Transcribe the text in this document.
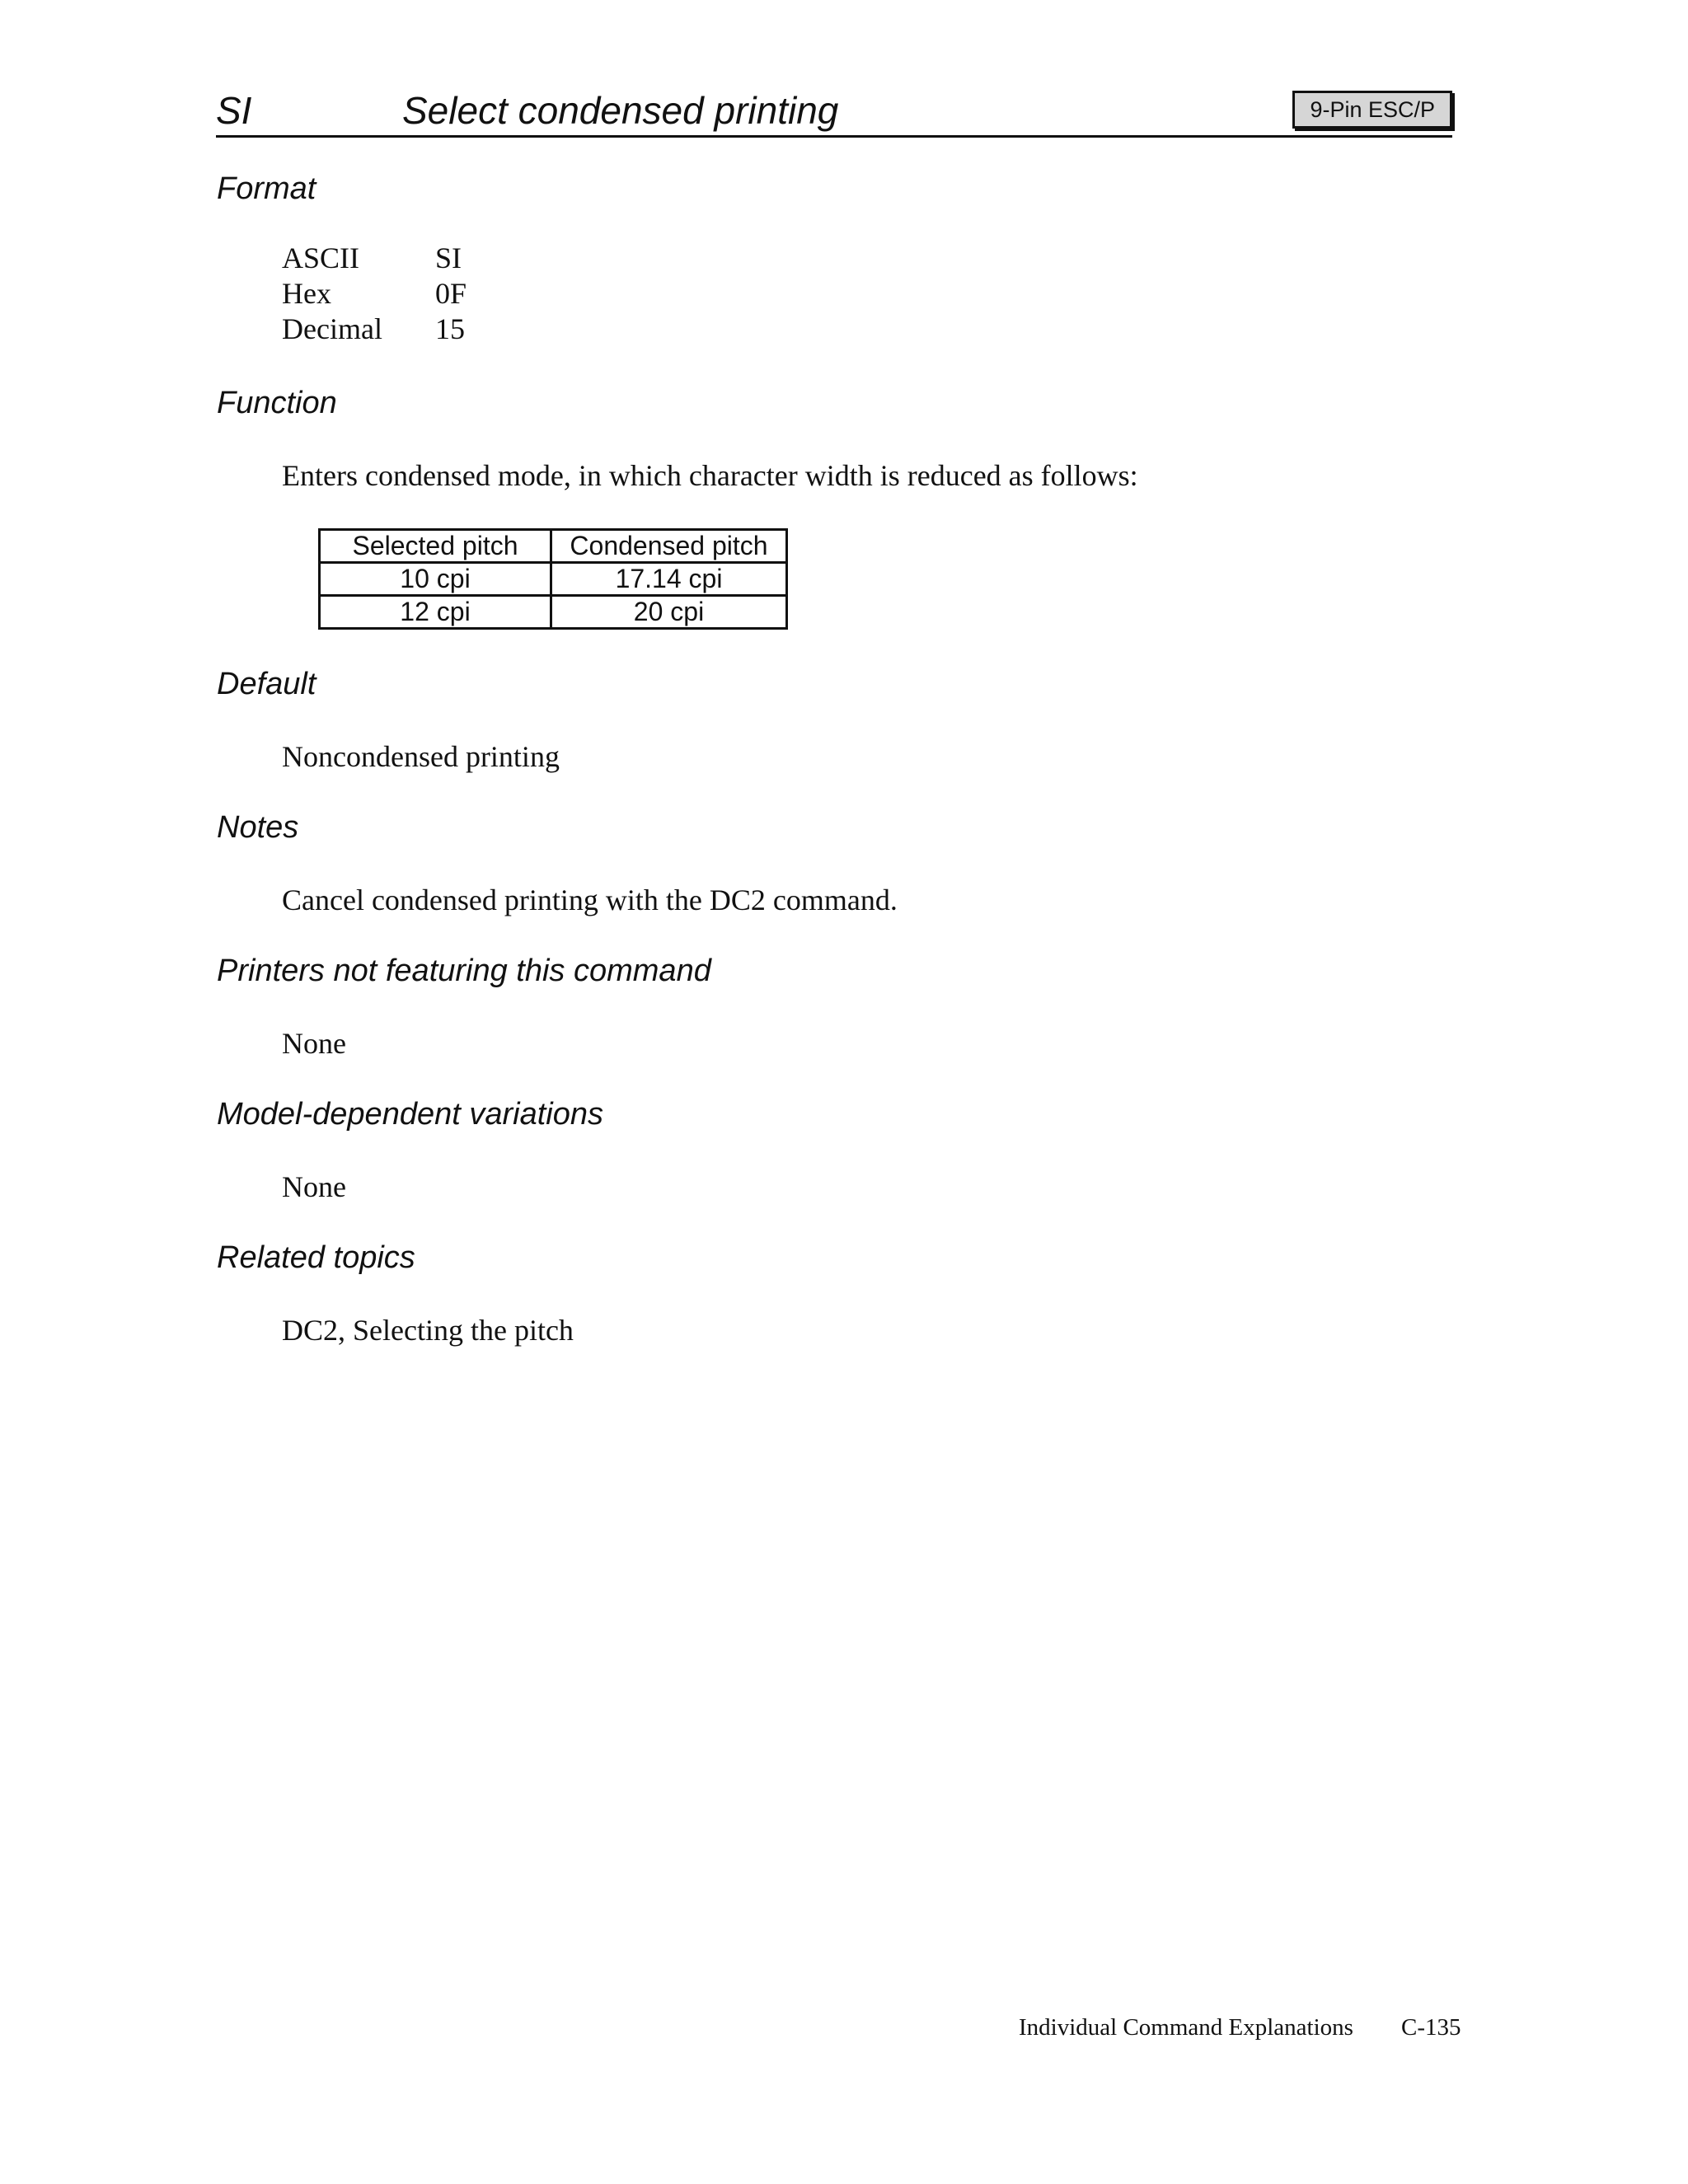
SI	Select condensed printing	9-Pin ESC/P
Format
ASCII	SI
Hex	0F
Decimal	15
Function
Enters condensed mode, in which character width is reduced as follows:
Selected pitch	Condensed pitch
10 cpi	17.14 cpi
12 cpi	20 cpi
Default
Noncondensed printing
Notes
Cancel condensed printing with the DC2 command.
Printers not featuring this command
None
Model-dependent variations
None
Related topics
DC2, Selecting the pitch
Individual Command Explanations C-135
